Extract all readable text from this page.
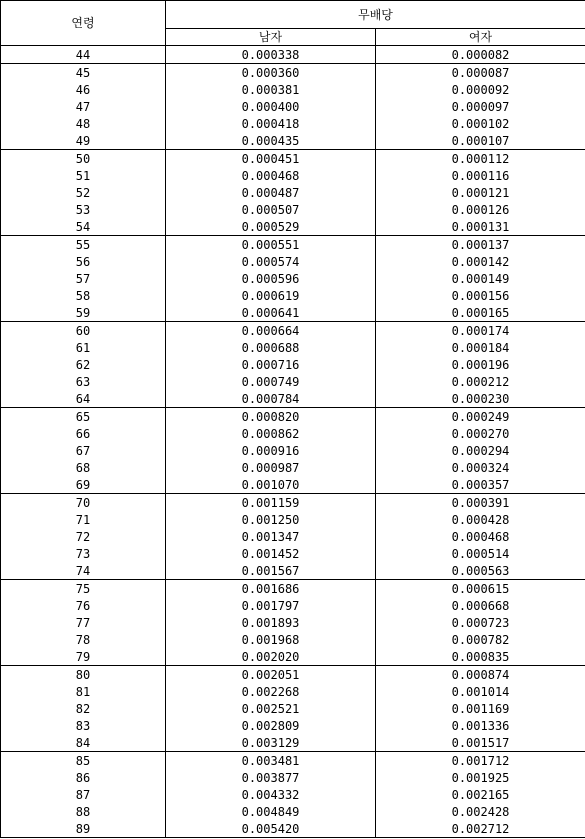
연령	무배당	
	남자	여자
44	0.000338	0.000082
45	0.000360	0.000087
46	0.000381	0.000092
47	0.000400	0.000097
48	0.000418	0.000102
49	0.000435	0.000107
50	0.000451	0.000112
51	0.000468	0.000116
52	0.000487	0.000121
53	0.000507	0.000126
54	0.000529	0.000131
55	0.000551	0.000137
56	0.000574	0.000142
57	0.000596	0.000149
58	0.000619	0.000156
59	0.000641	0.000165
60	0.000664	0.000174
61	0.000688	0.000184
62	0.000716	0.000196
63	0.000749	0.000212
64	0.000784	0.000230
65	0.000820	0.000249
66	0.000862	0.000270
67	0.000916	0.000294
68	0.000987	0.000324
69	0.001070	0.000357
70	0.001159	0.000391
71	0.001250	0.000428
72	0.001347	0.000468
73	0.001452	0.000514
74	0.001567	0.000563
75	0.001686	0.000615
76	0.001797	0.000668
77	0.001893	0.000723
78	0.001968	0.000782
79	0.002020	0.000835
80	0.002051	0.000874
81	0.002268	0.001014
82	0.002521	0.001169
83	0.002809	0.001336
84	0.003129	0.001517
85	0.003481	0.001712
86	0.003877	0.001925
87	0.004332	0.002165
88	0.004849	0.002428
89	0.005420	0.002712
